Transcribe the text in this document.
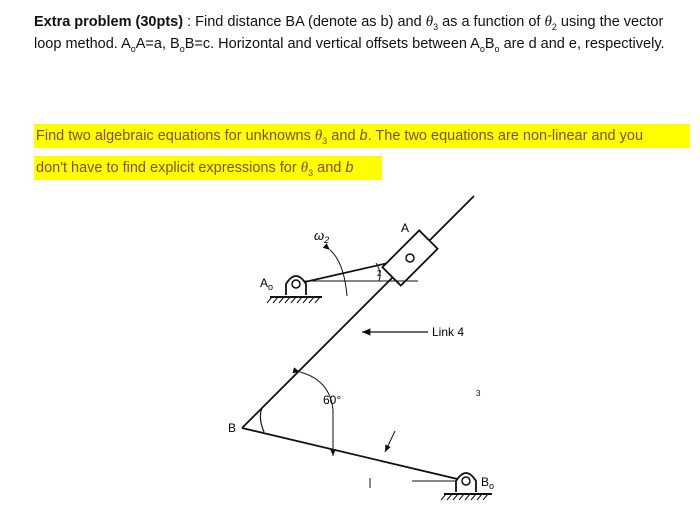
Extra problem (30pts) : Find distance BA (denote as b) and $\theta_3$ as a function of $\theta_2$ using the vector loop method. $A_oA=a$, $B_oB=c$. Horizontal and vertical offsets between $A_oB_o$ are d and e, respectively.
Find two algebraic equations for unknowns $\theta_3$ and b. The two equations are non-linear and you
don't have to find explicit expressions for $\theta_3$ and b
A
$A_o$
$B_o$
$\omega_2$
2
Link 4
60°	3
B
